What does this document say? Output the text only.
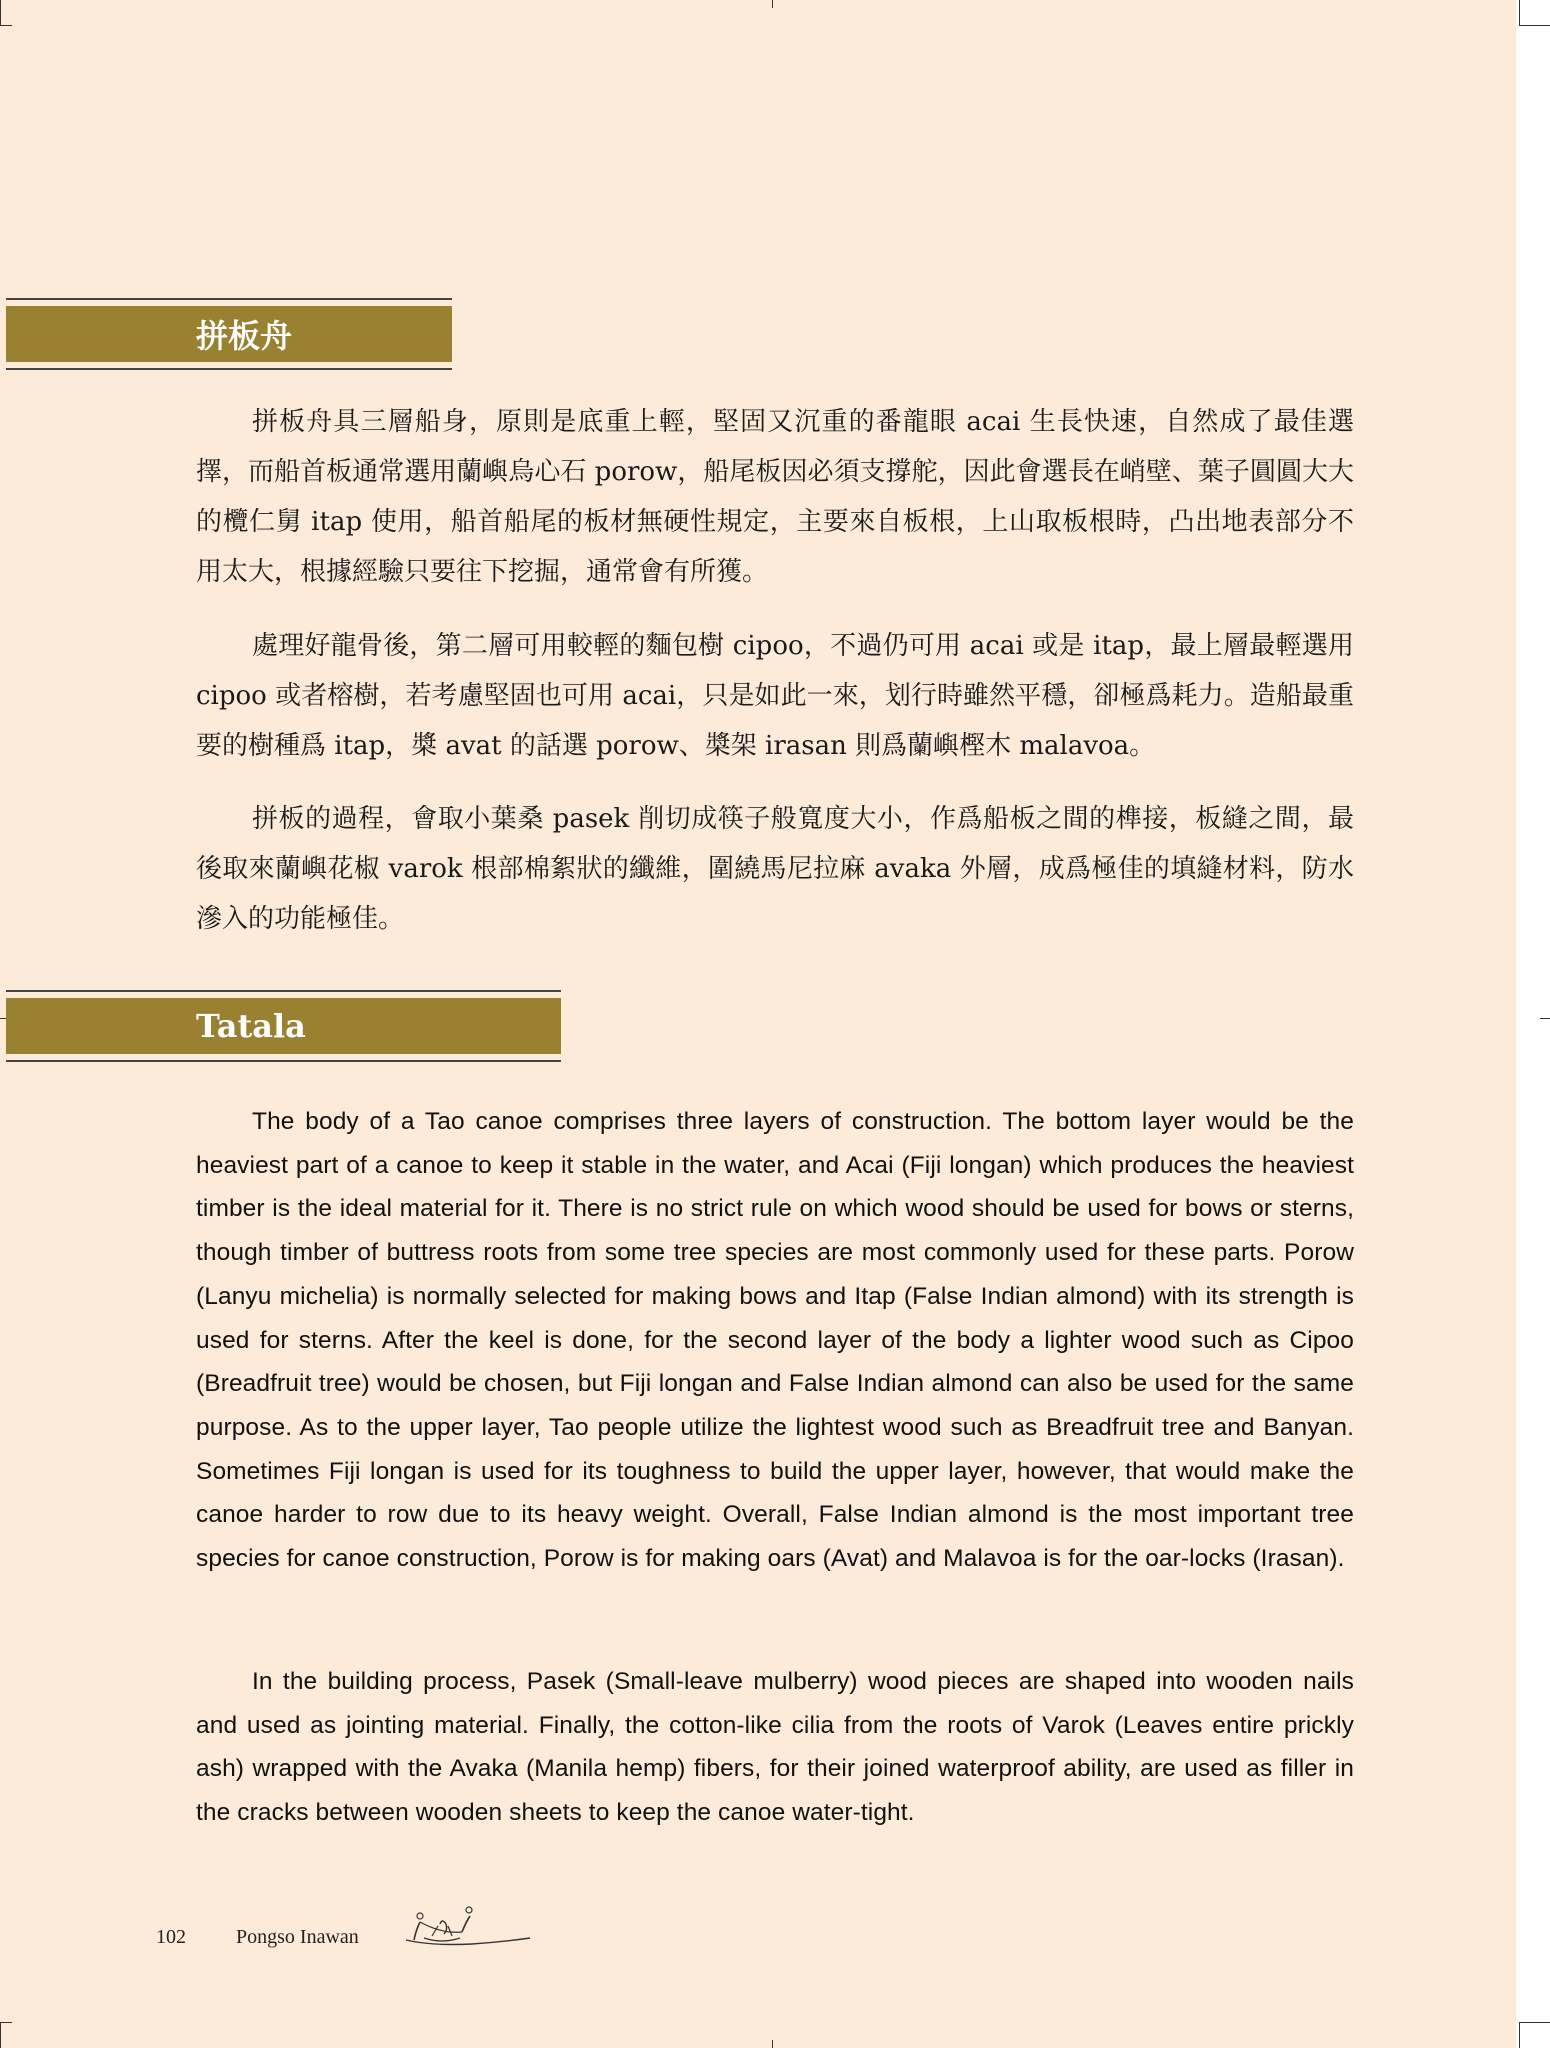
拼板舟

拼板舟具三層船身，原則是底重上輕，堅固又沉重的番龍眼 acai 生長快速，自然成了最佳選擇，而船首板通常選用蘭嶼烏心石 porow，船尾板因必須支撐舵，因此會選長在峭壁、葉子圓圓大大的欖仁舅 itap 使用，船首船尾的板材無硬性規定，主要來自板根，上山取板根時，凸出地表部分不用太大，根據經驗只要往下挖掘，通常會有所獲。

處理好龍骨後，第二層可用較輕的麵包樹 cipoo，不過仍可用 acai 或是 itap，最上層最輕選用 cipoo 或者榕樹，若考慮堅固也可用 acai，只是如此一來，划行時雖然平穩，卻極爲耗力。造船最重要的樹種爲 itap，槳 avat 的話選 porow、槳架 irasan 則爲蘭嶼樫木 malavoa。

拼板的過程，會取小葉桑 pasek 削切成筷子般寬度大小，作爲船板之間的榫接，板縫之間，最後取來蘭嶼花椒 varok 根部棉絮狀的纖維，圍繞馬尼拉麻 avaka 外層，成爲極佳的填縫材料，防水滲入的功能極佳。

Tatala

The body of a Tao canoe comprises three layers of construction. The bottom layer would be the heaviest part of a canoe to keep it stable in the water, and Acai (Fiji longan) which produces the heaviest timber is the ideal material for it. There is no strict rule on which wood should be used for bows or sterns, though timber of buttress roots from some tree species are most commonly used for these parts. Porow (Lanyu michelia) is normally selected for making bows and Itap (False Indian almond) with its strength is used for sterns. After the keel is done, for the second layer of the body a lighter wood such as Cipoo (Breadfruit tree) would be chosen, but Fiji longan and False Indian almond can also be used for the same purpose. As to the upper layer, Tao people utilize the lightest wood such as Breadfruit tree and Banyan. Sometimes Fiji longan is used for its toughness to build the upper layer, however, that would make the canoe harder to row due to its heavy weight. Overall, False Indian almond is the most important tree species for canoe construction, Porow is for making oars (Avat) and Malavoa is for the oar-locks (Irasan).

In the building process, Pasek (Small-leave mulberry) wood pieces are shaped into wooden nails and used as jointing material. Finally, the cotton-like cilia from the roots of Varok (Leaves entire prickly ash) wrapped with the Avaka (Manila hemp) fibers, for their joined waterproof ability, are used as filler in the cracks between wooden sheets to keep the canoe water-tight.

102	Pongso Inawan
